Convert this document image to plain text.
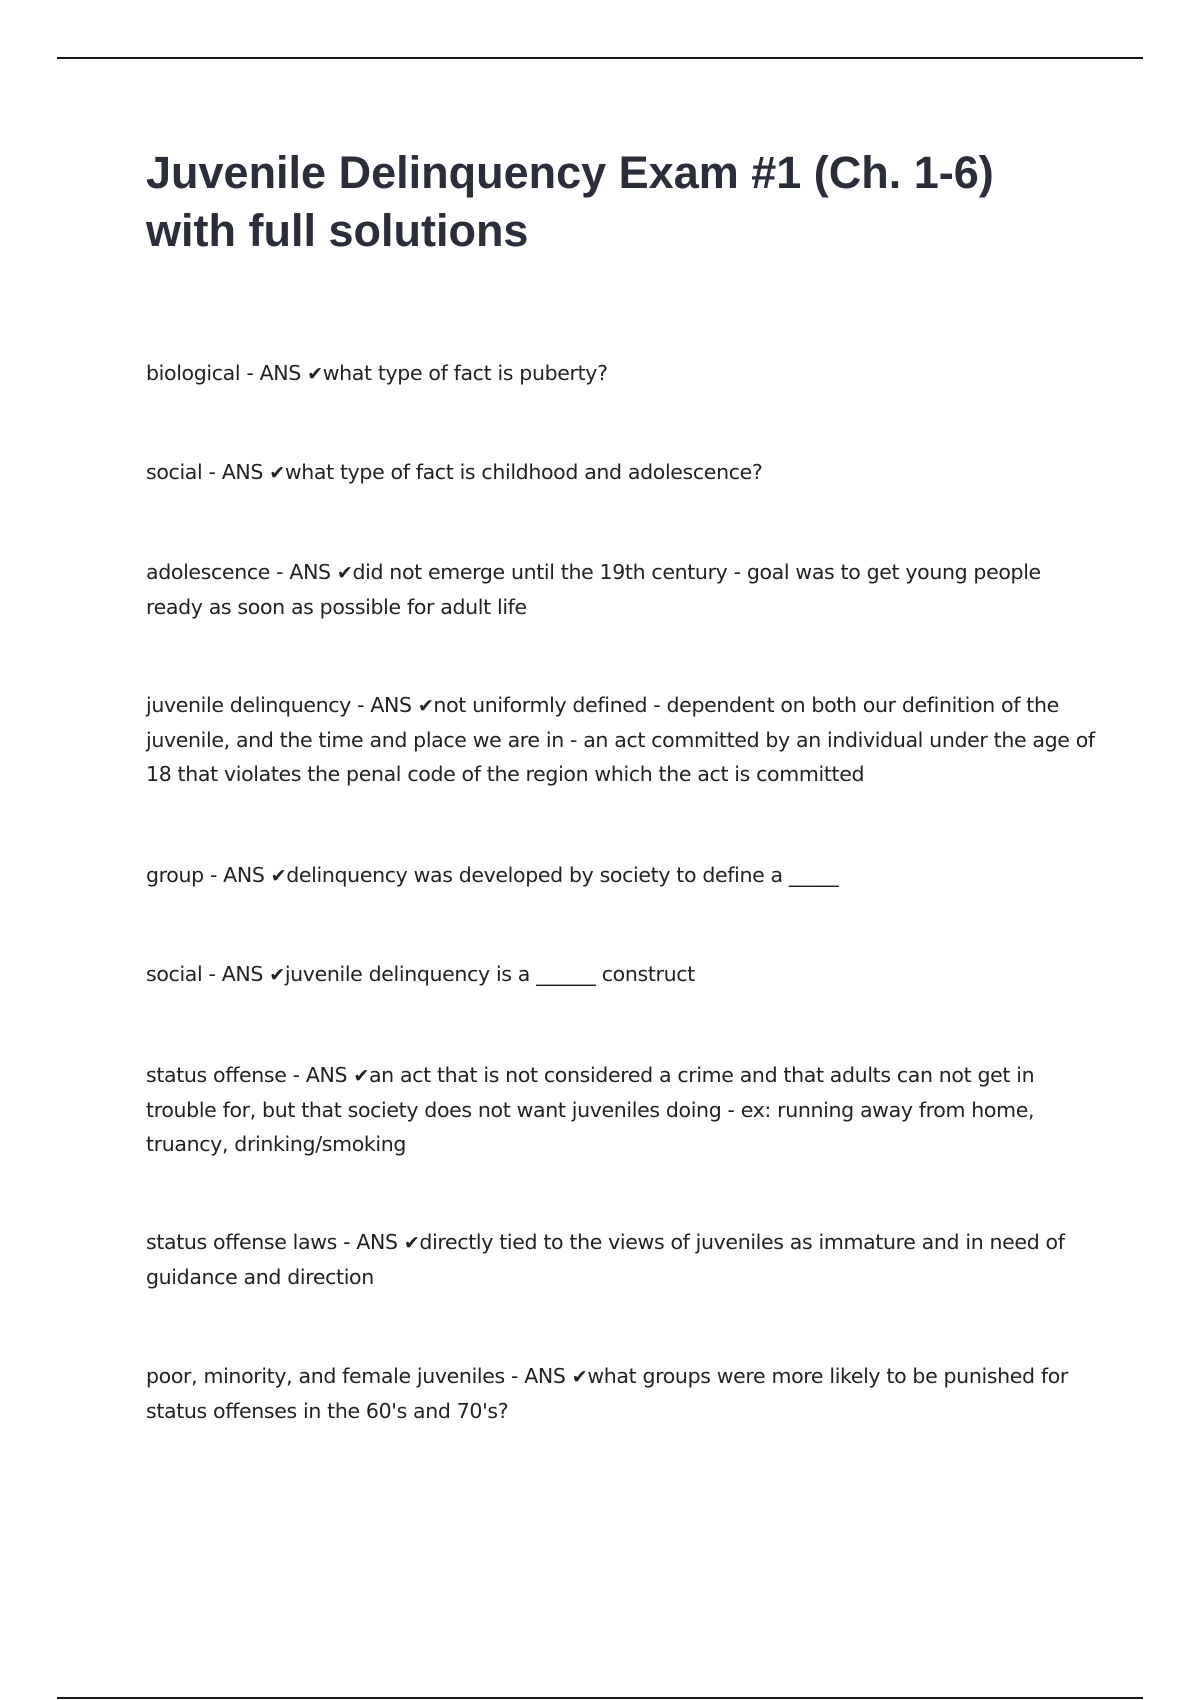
Juvenile Delinquency Exam #1 (Ch. 1-6) with full solutions

biological - ANS ✔what type of fact is puberty?

social - ANS ✔what type of fact is childhood and adolescence?

adolescence - ANS ✔did not emerge until the 19th century - goal was to get young people ready as soon as possible for adult life

juvenile delinquency - ANS ✔not uniformly defined - dependent on both our definition of the juvenile, and the time and place we are in - an act committed by an individual under the age of 18 that violates the penal code of the region which the act is committed

group - ANS ✔delinquency was developed by society to define a _____

social - ANS ✔juvenile delinquency is a ______ construct

status offense - ANS ✔an act that is not considered a crime and that adults can not get in trouble for, but that society does not want juveniles doing - ex: running away from home, truancy, drinking/smoking

status offense laws - ANS ✔directly tied to the views of juveniles as immature and in need of guidance and direction

poor, minority, and female juveniles - ANS ✔what groups were more likely to be punished for status offenses in the 60's and 70's?
